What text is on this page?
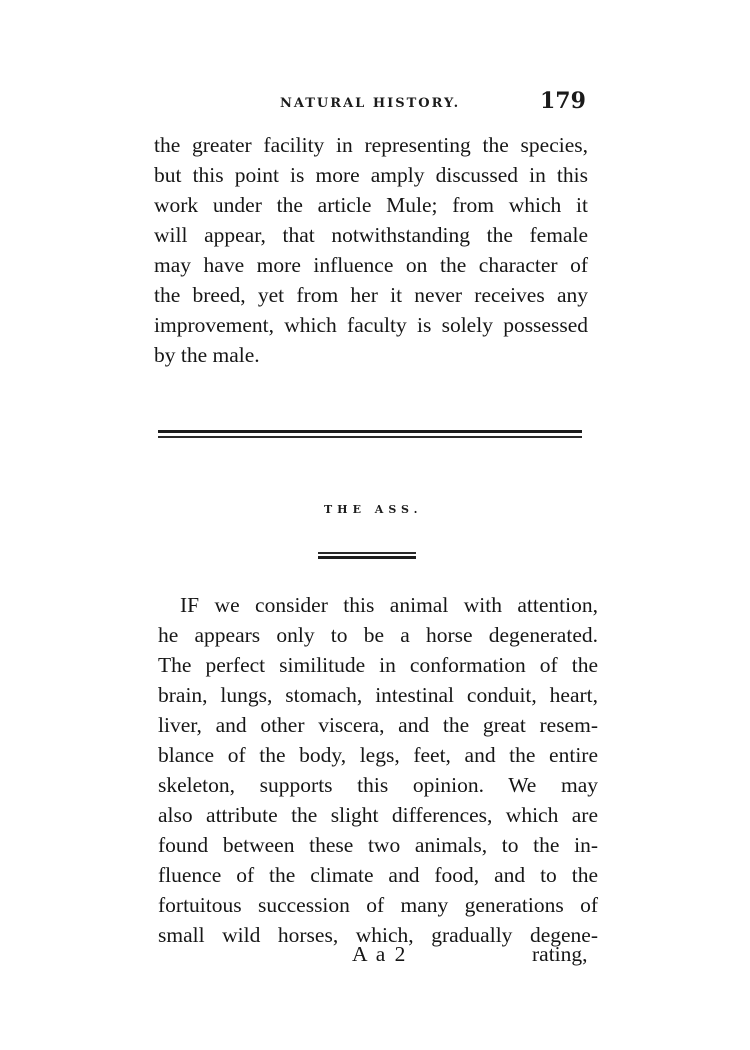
NATURAL HISTORY.	179
the greater facility in representing the species,
but this point is more amply discussed in this
work under the article Mule; from which it
will appear, that notwithstanding the female
may have more influence on the character of
the breed, yet from her it never receives any
improvement, which faculty is solely possessed
by the male.
THE ASS.
IF we consider this animal with attention,
he appears only to be a horse degenerated.
The perfect similitude in conformation of the
brain, lungs, stomach, intestinal conduit, heart,
liver, and other viscera, and the great resem-
blance of the body, legs, feet, and the entire
skeleton, supports this opinion. We may
also attribute the slight differences, which are
found between these two animals, to the in-
fluence of the climate and food, and to the
fortuitous succession of many generations of
small wild horses, which, gradually degene-
A a 2	rating,
